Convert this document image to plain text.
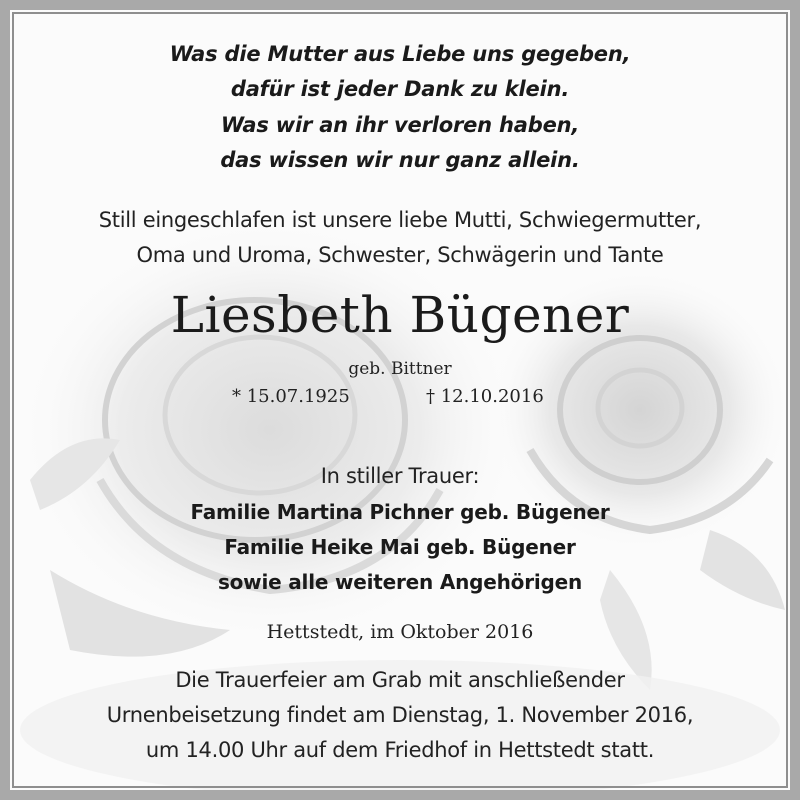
Was die Mutter aus Liebe uns gegeben,
dafür ist jeder Dank zu klein.
Was wir an ihr verloren haben,
das wissen wir nur ganz allein.
Still eingeschlafen ist unsere liebe Mutti, Schwiegermutter,
Oma und Uroma, Schwester, Schwägerin und Tante
Liesbeth Bügener
geb. Bittner
* 15.07.1925	† 12.10.2016
In stiller Trauer:
Familie Martina Pichner geb. Bügener
Familie Heike Mai geb. Bügener
sowie alle weiteren Angehörigen
Hettstedt, im Oktober 2016
Die Trauerfeier am Grab mit anschließender
Urnenbeisetzung findet am Dienstag, 1. November 2016,
um 14.00 Uhr auf dem Friedhof in Hettstedt statt.
